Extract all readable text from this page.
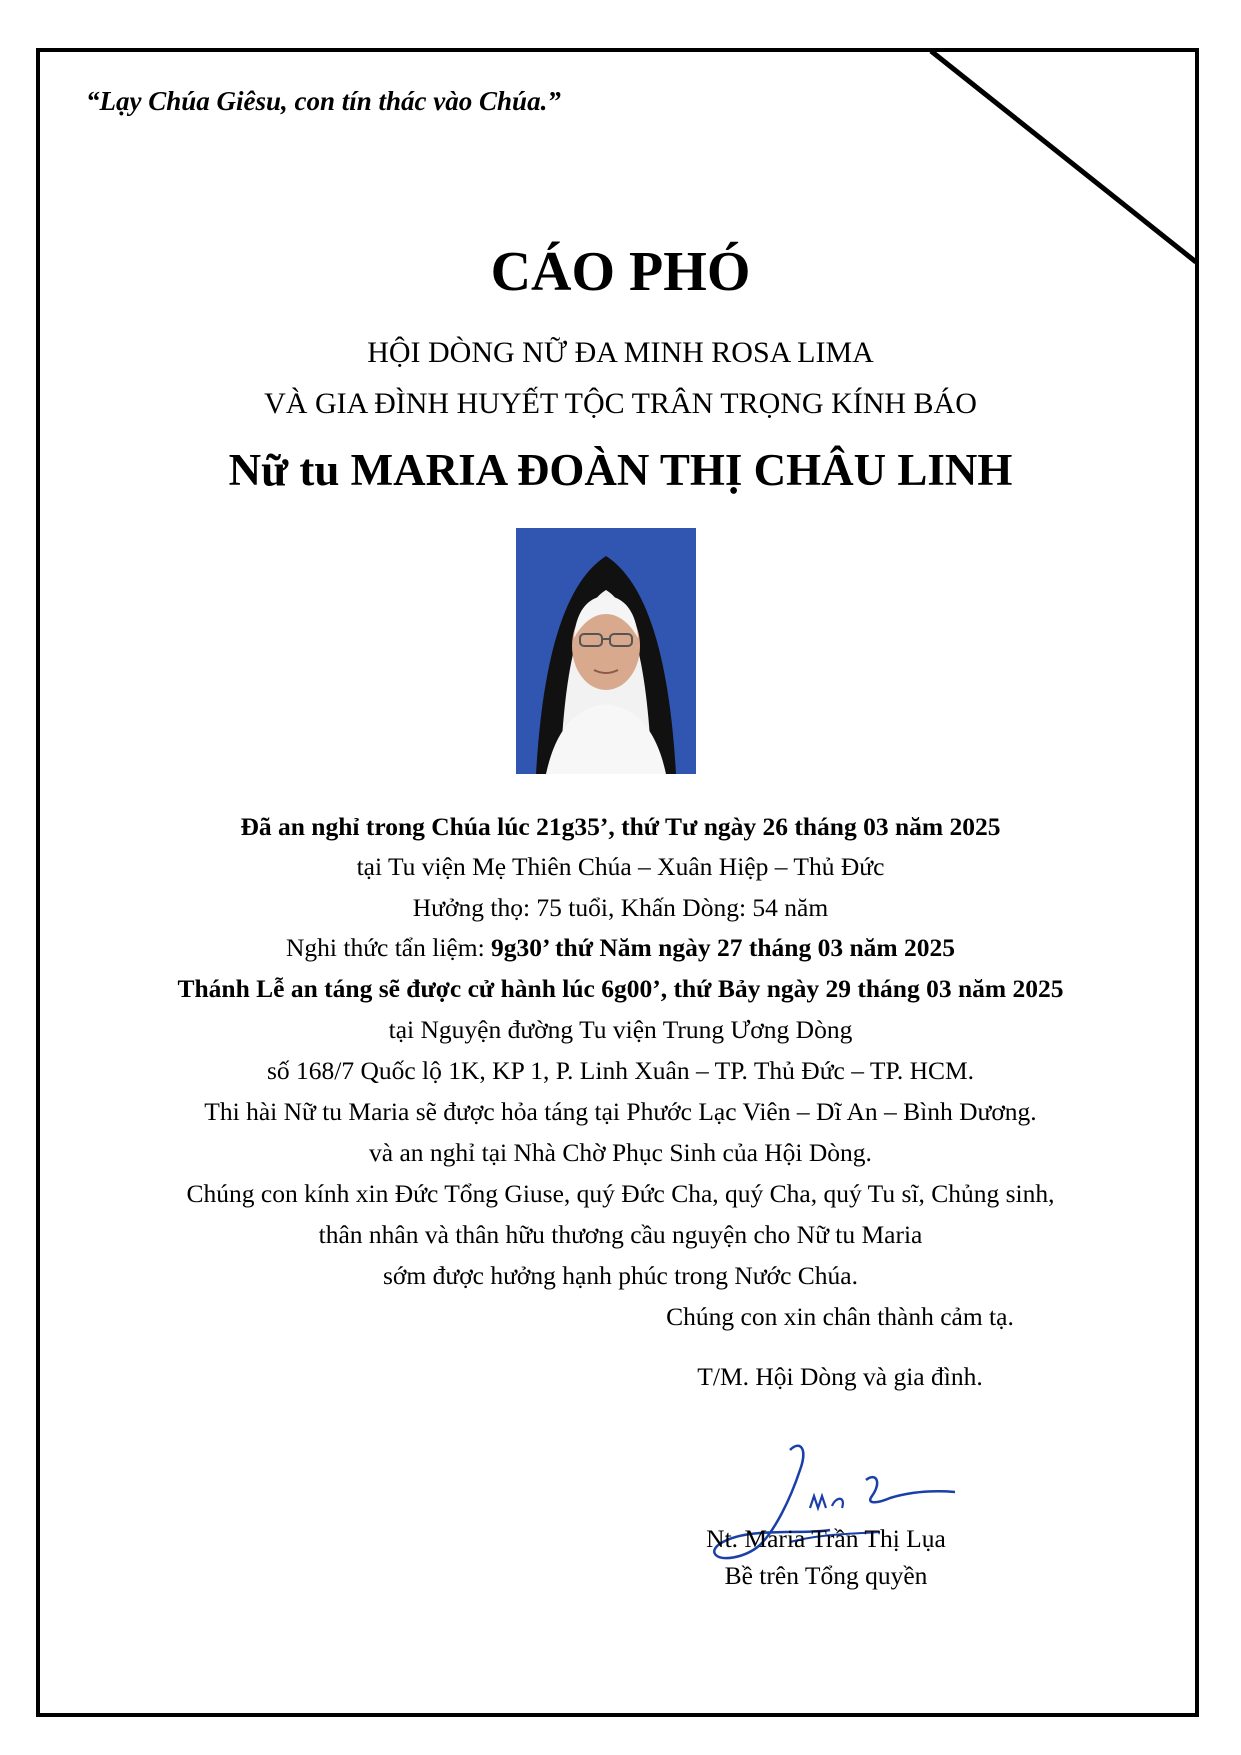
“Lạy Chúa Giêsu, con tín thác vào Chúa.”
CÁO PHÓ
HỘI DÒNG NỮ ĐA MINH ROSA LIMA
VÀ GIA ĐÌNH HUYẾT TỘC TRÂN TRỌNG KÍNH BÁO
Nữ tu MARIA ĐOÀN THỊ CHÂU LINH
Đã an nghỉ trong Chúa lúc 21g35’, thứ Tư ngày 26 tháng 03 năm 2025
tại Tu viện Mẹ Thiên Chúa – Xuân Hiệp – Thủ Đức
Hưởng thọ: 75 tuổi, Khấn Dòng: 54 năm
Nghi thức tẩn liệm: 9g30’ thứ Năm ngày 27 tháng 03 năm 2025
Thánh Lễ an táng sẽ được cử hành lúc 6g00’, thứ Bảy ngày 29 tháng 03 năm 2025
tại Nguyện đường Tu viện Trung Ương Dòng
số 168/7 Quốc lộ 1K, KP 1, P. Linh Xuân – TP. Thủ Đức – TP. HCM.
Thi hài Nữ tu Maria sẽ được hỏa táng tại Phước Lạc Viên – Dĩ An – Bình Dương.
và an nghỉ tại Nhà Chờ Phục Sinh của Hội Dòng.
Chúng con kính xin Đức Tổng Giuse, quý Đức Cha, quý Cha, quý Tu sĩ, Chủng sinh,
thân nhân và thân hữu thương cầu nguyện cho Nữ tu Maria
sớm được hưởng hạnh phúc trong Nước Chúa.
Chúng con xin chân thành cảm tạ.
T/M. Hội Dòng và gia đình.
Nt. Maria Trần Thị Lụa
Bề trên Tổng quyền
